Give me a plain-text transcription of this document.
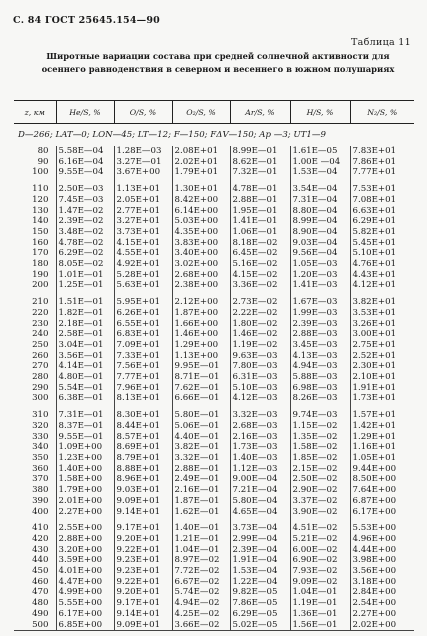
С. 84 ГОСТ 25645.154—90
Таблица 11
Широтные вариации состава при средней солнечной активности для
осеннего равноденствия в северном и весеннего в южном полушариях
z, км	He/S, %	O/S, %	O₂/S, %	Ar/S, %	H/S, %	N₂/S, %
D—266; LAT—0; LON—45; LT—12; F—150; FΔV—150; Ap —3; UT1—9						
80	5.58E—04	1.28E—03	2.08E+01	8.99E—01	1.61E—05	7.83E+01
90	6.16E—04	3.27E—01	2.02E+01	8.62E—01	1.00E —04	7.86E+01
100	9.55E—04	3.67E+00	1.79E+01	7.32E—01	1.53E—04	7.77E+01

110	2.50E—03	1.13E+01	1.30E+01	4.78E—01	3.54E—04	7.53E+01
120	7.45E—03	2.05E+01	8.42E+00	2.88E—01	7.31E—04	7.08E+01
130	1.47E—02	2.77E+01	6.14E+00	1.95E—01	8.80E—04	6.63E+01
140	2.39E—02	3.27E+01	5.03E+00	1.41E—01	8.99E—04	6.29E+01
150	3.48E—02	3.73E+01	4.35E+00	1.06E—01	8.90E—04	5.82E+01
160	4.78E—02	4.15E+01	3.83E+00	8.18E—02	9.03E—04	5.45E+01
170	6.29E—02	4.55E+01	3.40E+00	6.45E—02	9.56E—04	5.10E+01
180	8.05E—02	4.92E+01	3.02E+00	5.16E—02	1.05E—03	4.76E+01
190	1.01E—01	5.28E+01	2.68E+00	4.15E—02	1.20E—03	4.43E+01
200	1.25E—01	5.63E+01	2.38E+00	3.36E—02	1.41E—03	4.12E+01

210	1.51E—01	5.95E+01	2.12E+00	2.73E—02	1.67E—03	3.82E+01
220	1.82E—01	6.26E+01	1.87E+00	2.22E—02	1.99E—03	3.53E+01
230	2.18E—01	6.55E+01	1.66E+00	1.80E—02	2.39E—03	3.26E+01
240	2.58E—01	6.83E+01	1.46E+00	1.46E—02	2.88E—03	3.00E+01
250	3.04E—01	7.09E+01	1.29E+00	1.19E—02	3.45E—03	2.75E+01
260	3.56E—01	7.33E+01	1.13E+00	9.63E—03	4.13E—03	2.52E+01
270	4.14E—01	7.56E+01	9.95E—01	7.80E—03	4.94E—03	2.30E+01
280	4.80E—01	7.77E+01	8.71E—01	6.31E—03	5.88E—03	2.10E+01
290	5.54E—01	7.96E+01	7.62E—01	5.10E—03	6.98E—03	1.91E+01
300	6.38E—01	8.13E+01	6.66E—01	4.12E—03	8.26E—03	1.73E+01

310	7.31E—01	8.30E+01	5.80E—01	3.32E—03	9.74E—03	1.57E+01
320	8.37E—01	8.44E+01	5.06E—01	2.68E—03	1.15E—02	1.42E+01
330	9.55E—01	8.57E+01	4.40E—01	2.16E—03	1.35E—02	1.29E+01
340	1.09E+00	8.69E+01	3.82E—01	1.73E—03	1.58E—02	1.16E+01
350	1.23E+00	8.79E+01	3.32E—01	1.40E—03	1.85E—02	1.05E+01
360	1.40E+00	8.88E+01	2.88E—01	1.12E—03	2.15E—02	9.44E+00
370	1.58E+00	8.96E+01	2.49E—01	9.00E—04	2.50E—02	8.50E+00
380	1.79E+00	9.03E+01	2.16E—01	7.21E—04	2.90E—02	7.64E+00
390	2.01E+00	9.09E+01	1.87E—01	5.80E—04	3.37E—02	6.87E+00
400	2.27E+00	9.14E+01	1.62E—01	4.65E—04	3.90E—02	6.17E+00

410	2.55E+00	9.17E+01	1.40E—01	3.73E—04	4.51E—02	5.53E+00
420	2.88E+00	9.20E+01	1.21E—01	2.99E—04	5.21E—02	4.96E+00
430	3.20E+00	9.22E+01	1.04E—01	2.39E—04	6.00E—02	4.44E+00
440	3.59E+00	9.23E+01	8.97E—02	1.91E—04	6.90E—02	3.98E+00
450	4.01E+00	9.23E+01	7.72E—02	1.53E—04	7.93E—02	3.56E+00
460	4.47E+00	9.22E+01	6.67E—02	1.22E—04	9.09E—02	3.18E+00
470	4.99E+00	9.20E+01	5.74E—02	9.82E—05	1.04E—01	2.84E+00
480	5.55E+00	9.17E+01	4.94E—02	7.86E—05	1.19E—01	2.54E+00
490	6.17E+00	9.14E+01	4.25E—02	6.29E—05	1.36E—01	2.27E+00
500	6.85E+00	9.09E+01	3.66E—02	5.02E—05	1.56E—01	2.02E+00
